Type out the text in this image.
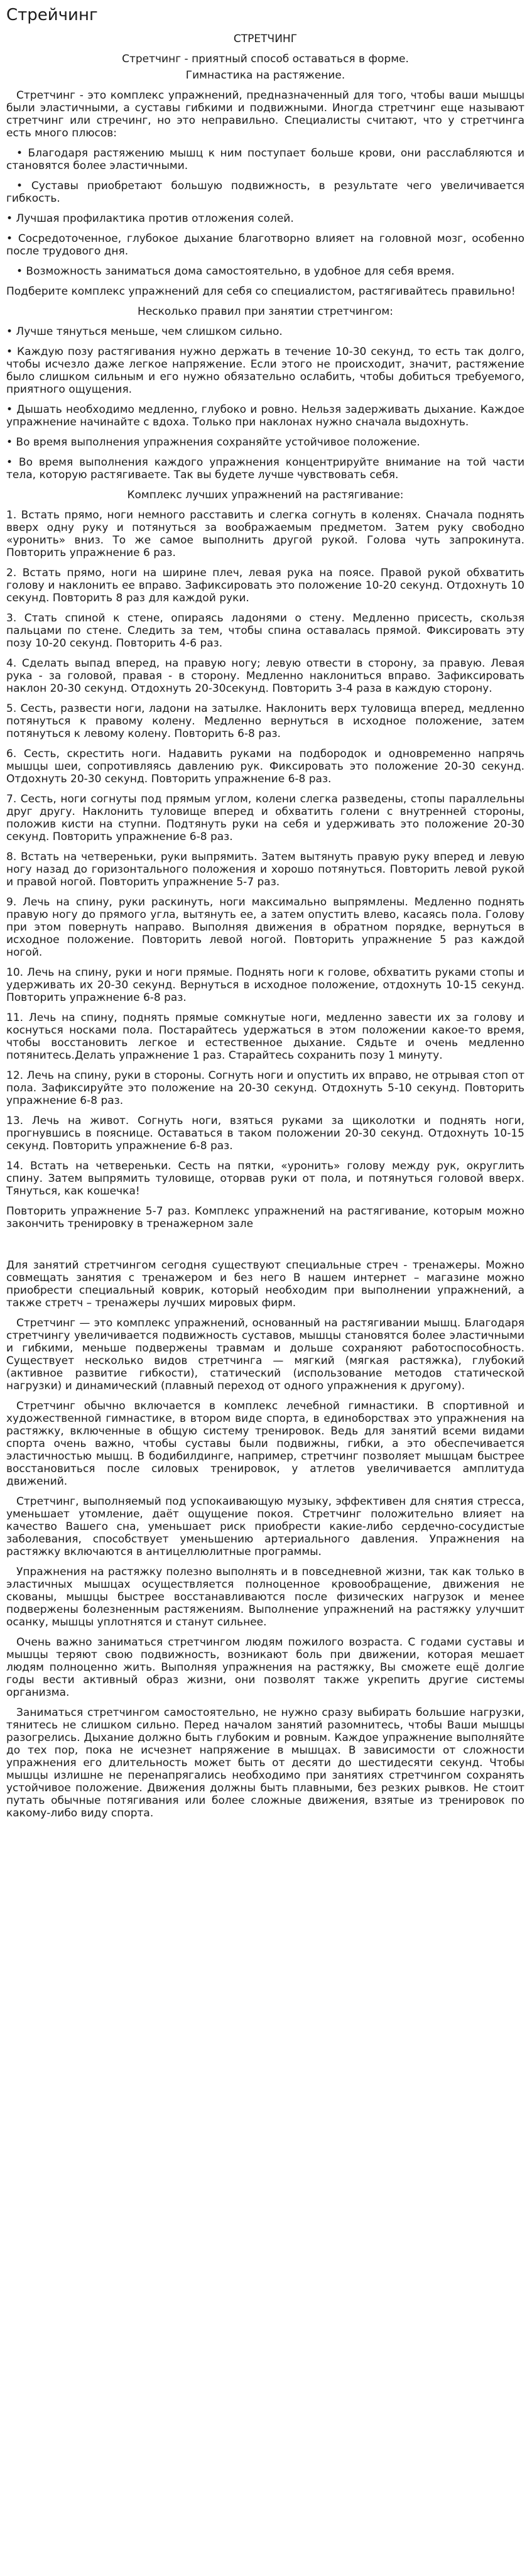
Стрейчинг

СТРЕТЧИНГ

Стретчинг - приятный способ оставаться в форме.

Гимнастика на растяжение.

Стретчинг - это комплекс упражнений, предназначенный для того, чтобы ваши мышцы были эластичными, а суставы гибкими и подвижными. Иногда стретчинг еще называют стретчинг или стречинг, но это неправильно. Специалисты считают, что у стретчинга есть много плюсов:

• Благодаря растяжению мышц к ним поступает больше крови, они расслабляются и становятся более эластичными.

• Суставы приобретают большую подвижность, в результате чего увеличивается гибкость.

• Лучшая профилактика против отложения солей.

• Сосредоточенное, глубокое дыхание благотворно влияет на головной мозг, особенно после трудового дня.

• Возможность заниматься дома самостоятельно, в удобное для себя время.

Подберите комплекс упражнений для себя со специалистом, растягивайтесь правильно!

Несколько правил при занятии стретчингом:

• Лучше тянуться меньше, чем слишком сильно.

• Каждую позу растягивания нужно держать в течение 10-30 секунд, то есть так долго, чтобы исчезло даже легкое напряжение. Если этого не происходит, значит, растяжение было слишком сильным и его нужно обязательно ослабить, чтобы добиться требуемого, приятного ощущения.

• Дышать необходимо медленно, глубоко и ровно. Нельзя задерживать дыхание. Каждое упражнение начинайте с вдоха. Только при наклонах нужно сначала выдохнуть.

• Во время выполнения упражнения сохраняйте устойчивое положение.

• Во время выполнения каждого упражнения концентрируйте внимание на той части тела, которую растягиваете. Так вы будете лучше чувствовать себя.

Комплекс лучших упражнений на растягивание:

1. Встать прямо, ноги немного расставить и слегка согнуть в коленях. Сначала поднять вверх одну руку и потянуться за воображаемым предметом. Затем руку свободно «уронить» вниз. То же самое выполнить другой рукой. Голова чуть запрокинута. Повторить упражнение 6 раз.

2. Встать прямо, ноги на ширине плеч, левая рука на поясе. Правой рукой обхватить голову и наклонить ее вправо. Зафиксировать это положение 10-20 секунд. Отдохнуть 10 секунд. Повторить 8 раз для каждой руки.

3. Стать спиной к стене, опираясь ладонями о стену. Медленно присесть, скользя пальцами по стене. Следить за тем, чтобы спина оставалась прямой. Фиксировать эту позу 10-20 секунд. Повторить 4-6 раз.

4. Сделать выпад вперед, на правую ногу; левую отвести в сторону, за правую. Левая рука - за головой, правая - в сторону. Медленно наклониться вправо. Зафиксировать наклон 20-30 секунд. Отдохнуть 20-30секунд. Повторить 3-4 раза в каждую сторону.

5. Сесть, развести ноги, ладони на затылке. Наклонить верх туловища вперед, медленно потянуться к правому колену. Медленно вернуться в исходное положение, затем потянуться к левому колену. Повторить 6-8 раз.

6. Сесть, скрестить ноги. Надавить руками на подбородок и одновременно напрячь мышцы шеи, сопротивляясь давлению рук. Фиксировать это положение 20-30 секунд. Отдохнуть 20-30 секунд. Повторить упражнение 6-8 раз.

7. Сесть, ноги согнуты под прямым углом, колени слегка разведены, стопы параллельны друг другу. Наклонить туловище вперед и обхватить голени с внутренней стороны, положив кисти на ступни. Подтянуть руки на себя и удерживать это положение 20-30 секунд. Повторить упражнение 6-8 раз.

8. Встать на четвереньки, руки выпрямить. Затем вытянуть правую руку вперед и левую ногу назад до горизонтального положения и хорошо потянуться. Повторить левой рукой и правой ногой. Повторить упражнение 5-7 раз.

9. Лечь на спину, руки раскинуть, ноги максимально выпрямлены. Медленно поднять правую ногу до прямого угла, вытянуть ее, а затем опустить влево, касаясь пола. Голову при этом повернуть направо. Выполняя движения в обратном порядке, вернуться в исходное положение. Повторить левой ногой. Повторить упражнение 5 раз каждой ногой.

10. Лечь на спину, руки и ноги прямые. Поднять ноги к голове, обхватить руками стопы и удерживать их 20-30 секунд. Вернуться в исходное положение, отдохнуть 10-15 секунд. Повторить упражнение 6-8 раз.

11. Лечь на спину, поднять прямые сомкнутые ноги, медленно завести их за голову и коснуться носками пола. Постарайтесь удержаться в этом положении какое-то время, чтобы восстановить легкое и естественное дыхание. Сядьте и очень медленно потянитесь.Делать упражнение 1 раз. Старайтесь сохранить позу 1 минуту.

12. Лечь на спину, руки в стороны. Согнуть ноги и опустить их вправо, не отрывая стоп от пола. Зафиксируйте это положение на 20-30 секунд. Отдохнуть 5-10 секунд. Повторить упражнение 6-8 раз.

13. Лечь на живот. Согнуть ноги, взяться руками за щиколотки и поднять ноги, прогнувшись в пояснице. Оставаться в таком положении 20-30 секунд. Отдохнуть 10-15 секунд. Повторить упражнение 6-8 раз.

14. Встать на четвереньки. Сесть на пятки, «уронить» голову между рук, округлить спину. Затем выпрямить туловище, оторвав руки от пола, и потянуться головой вверх. Тянуться, как кошечка!

Повторить упражнение 5-7 раз. Комплекс упражнений на растягивание, которым можно закончить тренировку в тренажерном зале

Для занятий стретчингом сегодня существуют специальные стреч - тренажеры. Можно совмещать занятия с тренажером и без него В нашем интернет – магазине можно приобрести специальный коврик, который необходим при выполнении упражнений, а также стретч – тренажеры лучших мировых фирм.

Стретчинг — это комплекс упражнений, основанный на растягивании мышц. Благодаря стретчингу увеличивается подвижность суставов, мышцы становятся более эластичными и гибкими, меньше подвержены травмам и дольше сохраняют работоспособность. Существует несколько видов стретчинга — мягкий (мягкая растяжка), глубокий (активное развитие гибкости), статический (использование методов статической нагрузки) и динамический (плавный переход от одного упражнения к другому).

Стретчинг обычно включается в комплекс лечебной гимнастики. В спортивной и художественной гимнастике, в втором виде спорта, в единоборствах это упражнения на растяжку, включенные в общую систему тренировок. Ведь для занятий всеми видами спорта очень важно, чтобы суставы были подвижны, гибки, а это обеспечивается эластичностью мышц. В бодибилдинге, например, стретчинг позволяет мышцам быстрее восстановиться после силовых тренировок, у атлетов увеличивается амплитуда движений.

Стретчинг, выполняемый под успокаивающую музыку, эффективен для снятия стресса, уменьшает утомление, даёт ощущение покоя. Стретчинг положительно влияет на качество Вашего сна, уменьшает риск приобрести какие-либо сердечно-сосудистые заболевания, способствует уменьшению артериального давления. Упражнения на растяжку включаются в антицеллюлитные программы.

Упражнения на растяжку полезно выполнять и в повседневной жизни, так как только в эластичных мышцах осуществляется полноценное кровообращение, движения не скованы, мышцы быстрее восстанавливаются после физических нагрузок и менее подвержены болезненным растяжениям. Выполнение упражнений на растяжку улучшит осанку, мышцы уплотнятся и станут сильнее.

Очень важно заниматься стретчингом людям пожилого возраста. С годами суставы и мышцы теряют свою подвижность, возникают боль при движении, которая мешает людям полноценно жить. Выполняя упражнения на растяжку, Вы сможете ещё долгие годы вести активный образ жизни, они позволят также укрепить другие системы организма.

Заниматься стретчингом самостоятельно, не нужно сразу выбирать большие нагрузки, тянитесь не слишком сильно. Перед началом занятий разомнитесь, чтобы Ваши мышцы разогрелись. Дыхание должно быть глубоким и ровным. Каждое упражнение выполняйте до тех пор, пока не исчезнет напряжение в мышцах. В зависимости от сложности упражнения его длительность может быть от десяти до шестидесяти секунд. Чтобы мышцы излишне не перенапрягались необходимо при занятиях стретчингом сохранять устойчивое положение. Движения должны быть плавными, без резких рывков. Не стоит путать обычные потягивания или более сложные движения, взятые из тренировок по какому-либо виду спорта.
